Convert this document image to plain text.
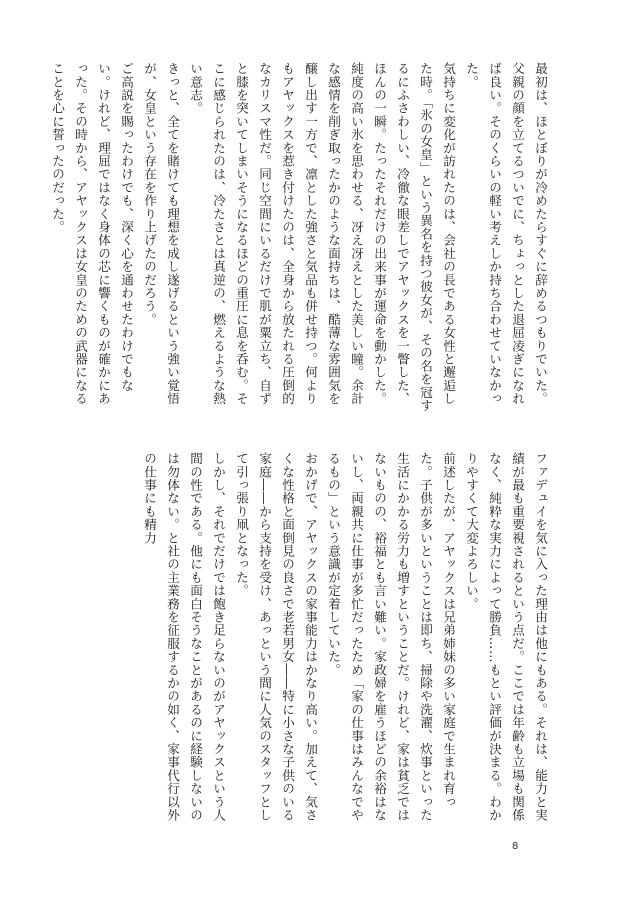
最初は、ほとぼりが冷めたらすぐに辞めるつもりでいた。父親の顔を立てるついでに、ちょっとした退屈凌ぎになれば良い。そのくらいの軽い考えしか持ち合わせていなかった。

気持ちに変化が訪れたのは、会社の長である女性と邂逅した時。「氷の女皇」という異名を持つ彼女が、その名を冠するにふさわしい、冷徹な眼差しでアヤックスを一瞥した、ほんの一瞬。たったそれだけの出来事が運命を動かした。

純度の高い氷を思わせる、冴え冴えとした美しい瞳。余計な感情を削ぎ取ったかのような面持ちは、酷薄な雰囲気を醸し出す一方で、凛とした強さと気品も併せ持つ。何よりもアヤックスを惹き付けたのは、全身から放たれる圧倒的なカリスマ性だ。同じ空間にいるだけで肌が粟立ち、自ずと膝を突いてしまいそうになるほどの重圧に息を呑む。そこに感じられたのは、冷たさとは真逆の、燃えるような熱い意志。

きっと、全てを賭けても理想を成し遂げるという強い覚悟が、女皇という存在を作り上げたのだろう。

ご高説を賜ったわけでも、深く心を通わせたわけでもない。けれど、理屈ではなく身体の芯に響くものが確かにあった。その時から、アヤックスは女皇のための武器になることを心に誓ったのだった。

ファデュイを気に入った理由は他にもある。それは、能力と実績が最も重要視されるという点だ。ここでは年齢も立場も関係なく、純粋な実力によって勝負……もとい評価が決まる。わかりやすくて大変よろしい。

前述したが、アヤックスは兄弟姉妹の多い家庭で生まれ育った。子供が多いということは即ち、掃除や洗濯、炊事といった生活にかかる労力も増すということだ。けれど、家は貧乏ではないものの、裕福とも言い難い。家政婦を雇うほどの余裕はないし、両親共に仕事が多忙だったため「家の仕事はみんなでやるもの」という意識が定着していた。

おかげで、アヤックスの家事能力はかなり高い。加えて、気さくな性格と面倒見の良さで老若男女――特に小さな子供のいる家庭――から支持を受け、あっという間に人気のスタッフとして引っ張り凧となった。

しかし、それでだけでは飽き足らないのがアヤックスという人間の性である。他にも面白そうなことがあるのに経験しないのは勿体ない。と社の主業務を征服するかの如く、家事代行以外の仕事にも精力

8
